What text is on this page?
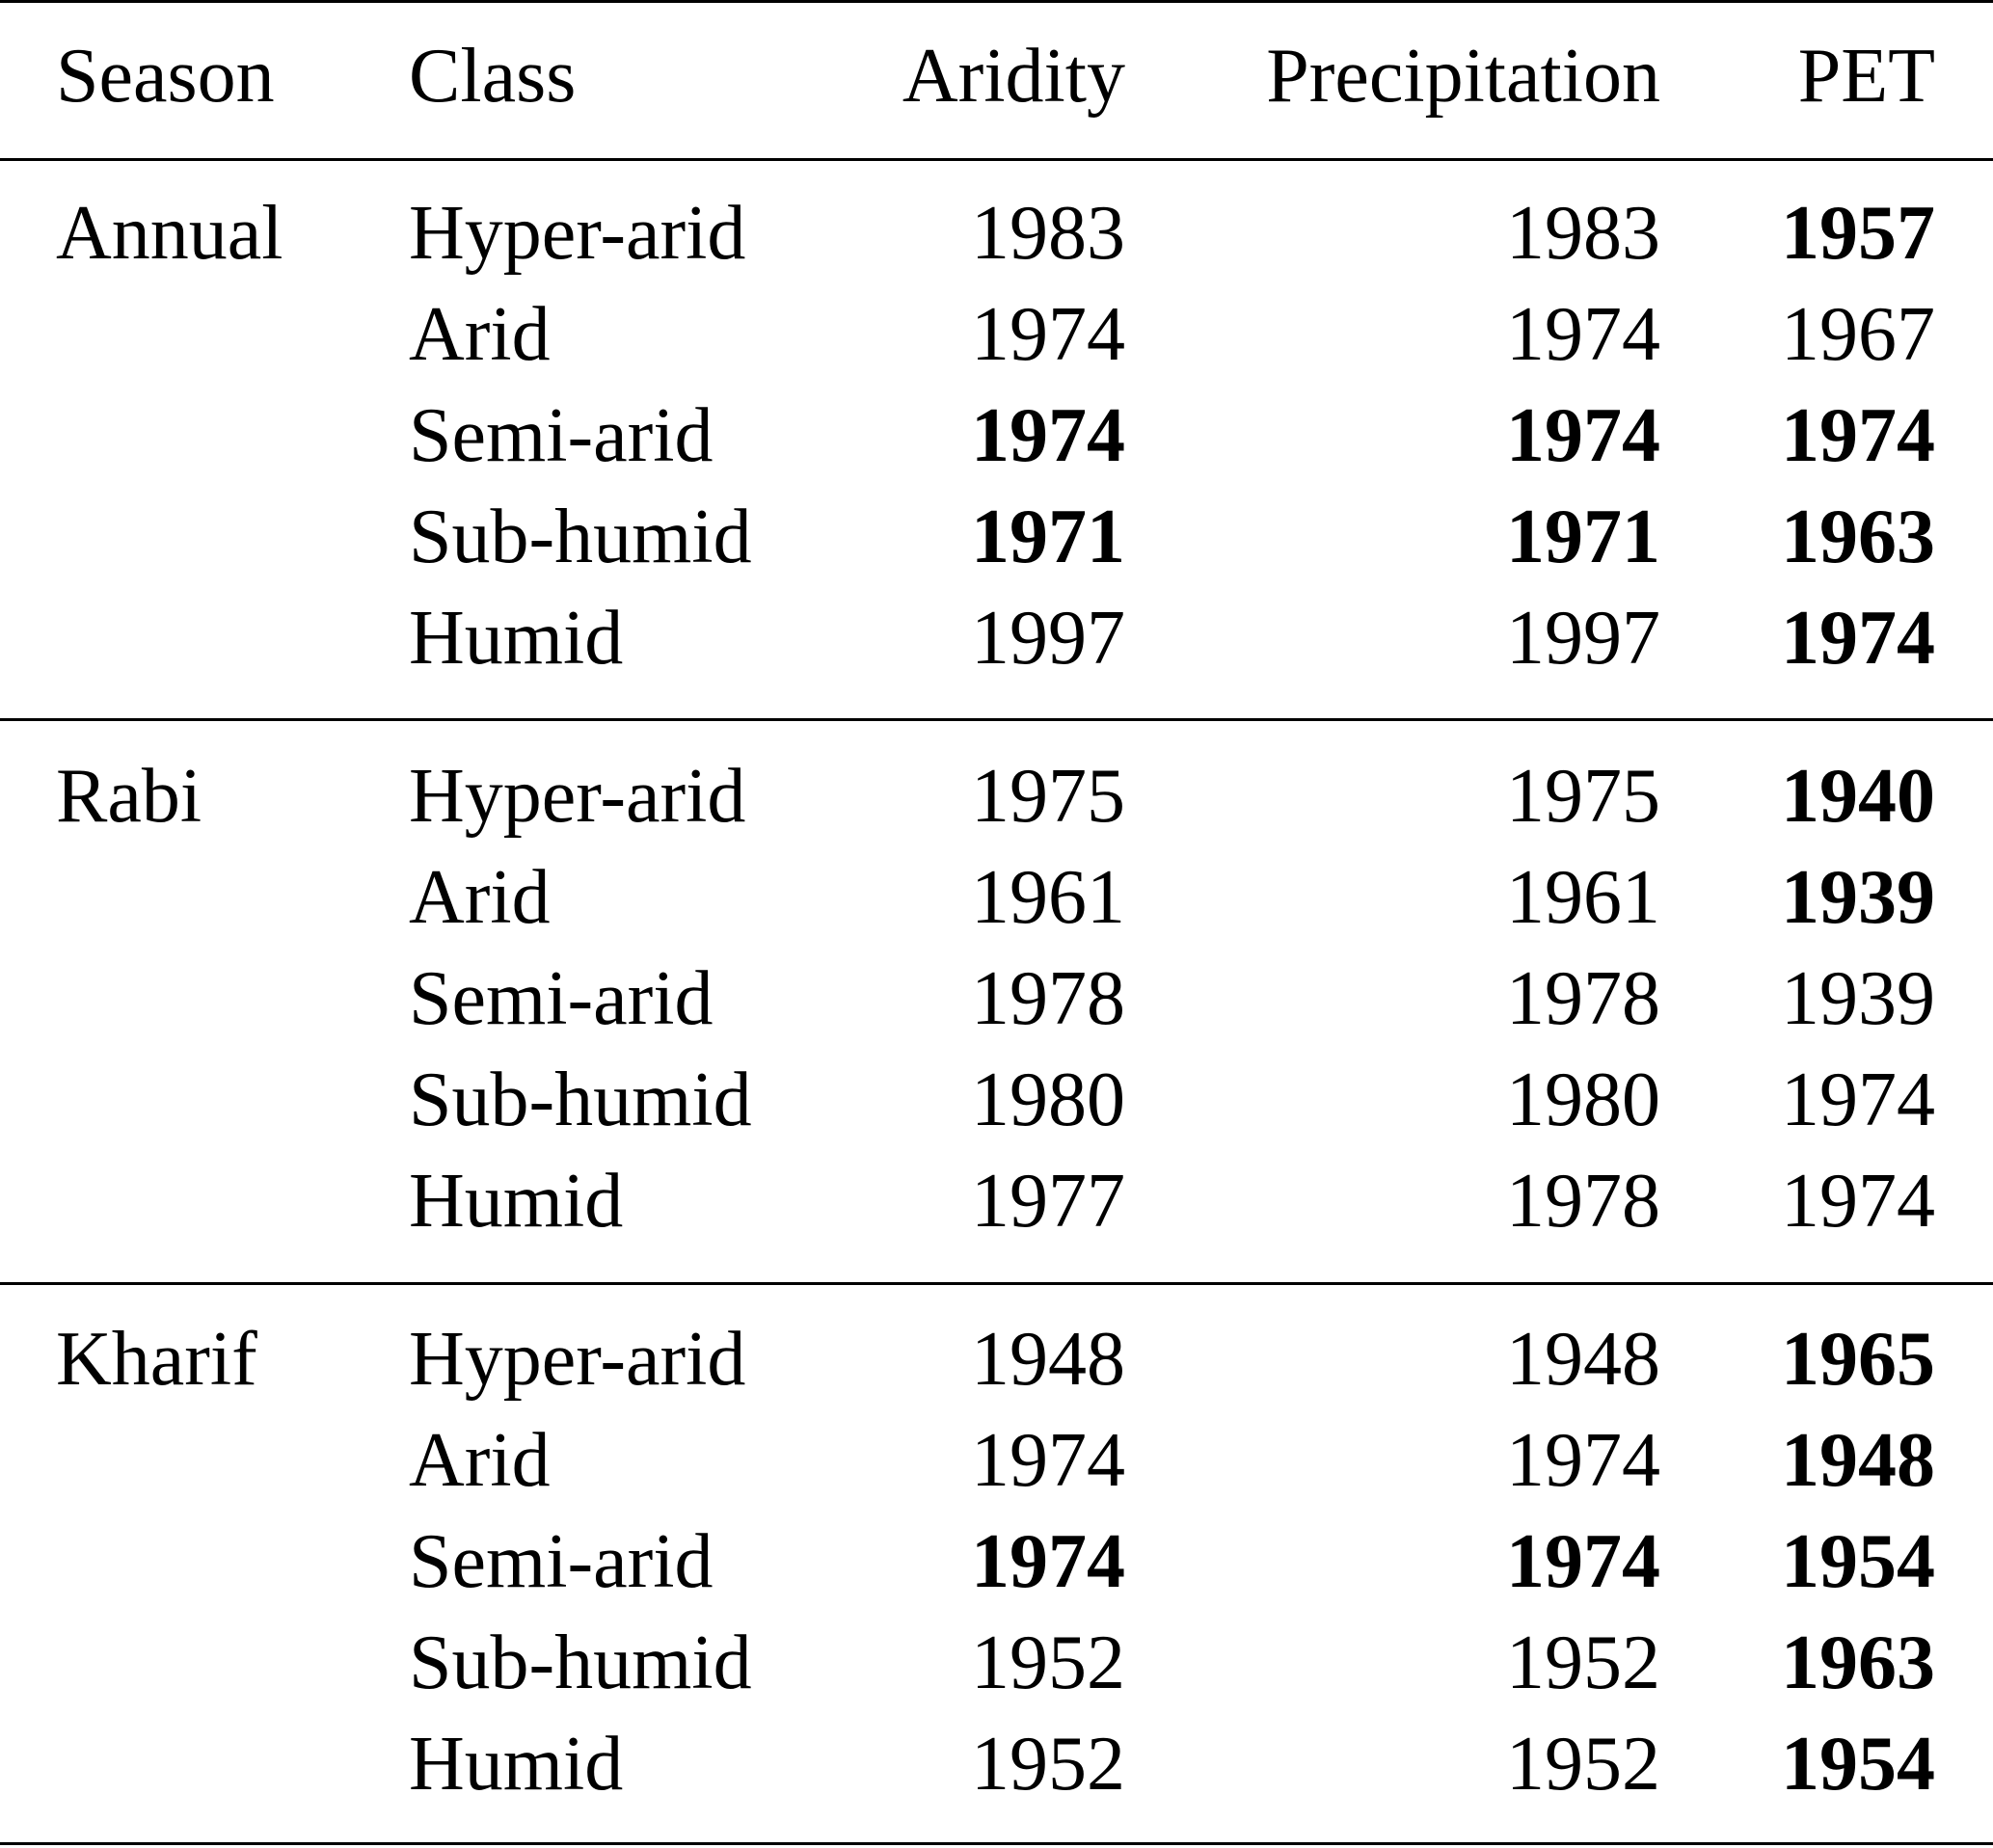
Season Class	Aridity Precipitation PET
Annual Hyper-arid	1983	1983 1957
Arid	1974	1974 1967
Semi-arid	1974	1974 1974
Sub-humid	1971	1971 1963
Humid	1997	1997 1974
Rabi	Hyper-arid	1975	1975 1940
Arid	1961	1961 1939
Semi-arid	1978	1978 1939
Sub-humid	1980	1980 1974
Humid	1977	1978 1974
Kharif Hyper-arid	1948	1948 1965
Arid	1974	1974 1948
Semi-arid	1974	1974 1954
Sub-humid	1952	1952 1963
Humid	1952	1952 1954
